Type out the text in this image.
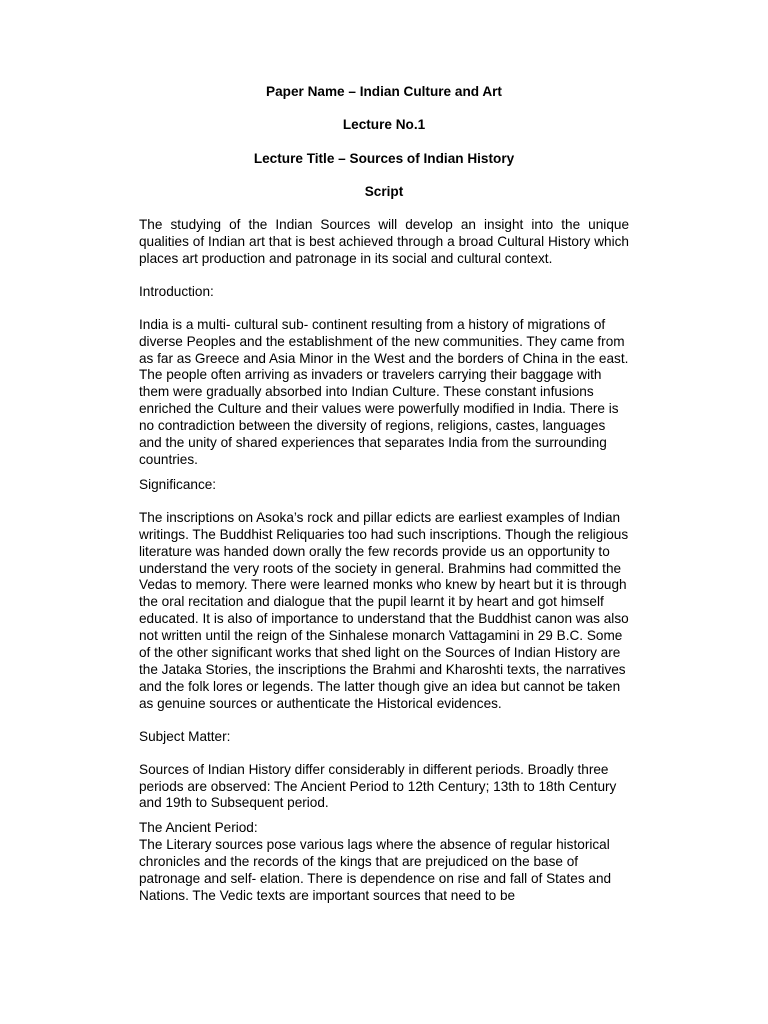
Paper Name – Indian Culture and Art

Lecture No.1

Lecture Title – Sources of Indian History

Script

The studying of the Indian Sources will develop an insight into the unique qualities of Indian art that is best achieved through a broad Cultural History which places art production and patronage in its social and cultural context.

Introduction:

India is a multi- cultural sub- continent resulting from a history of migrations of diverse Peoples and the establishment of the new communities. They came from as far as Greece and Asia Minor in the West and the borders of China in the east. The people often arriving as invaders or travelers carrying their baggage with them were gradually absorbed into Indian Culture. These constant infusions enriched the Culture and their values were powerfully modified in India. There is no contradiction between the diversity of regions, religions, castes, languages and the unity of shared experiences that separates India from the surrounding countries.

Significance:

The inscriptions on Asoka’s rock and pillar edicts are earliest examples of Indian writings. The Buddhist Reliquaries too had such inscriptions. Though the religious literature was handed down orally the few records provide us an opportunity to understand the very roots of the society in general. Brahmins had committed the Vedas to memory. There were learned monks who knew by heart but it is through the oral recitation and dialogue that the pupil learnt it by heart and got himself educated. It is also of importance to understand that the Buddhist canon was also not written until the reign of the Sinhalese monarch Vattagamini in 29 B.C. Some of the other significant works that shed light on the Sources of Indian History are the Jataka Stories, the inscriptions the Brahmi and Kharoshti texts, the narratives and the folk lores or legends. The latter though give an idea but cannot be taken as genuine sources or authenticate the Historical evidences.

Subject Matter:

Sources of Indian History differ considerably in different periods. Broadly three periods are observed: The Ancient Period to 12th Century; 13th to 18th Century and 19th to Subsequent period.

The Ancient Period:

The Literary sources pose various lags where the absence of regular historical chronicles and the records of the kings that are prejudiced on the base of patronage and self- elation. There is dependence on rise and fall of States and Nations. The Vedic texts are important sources that need to be
